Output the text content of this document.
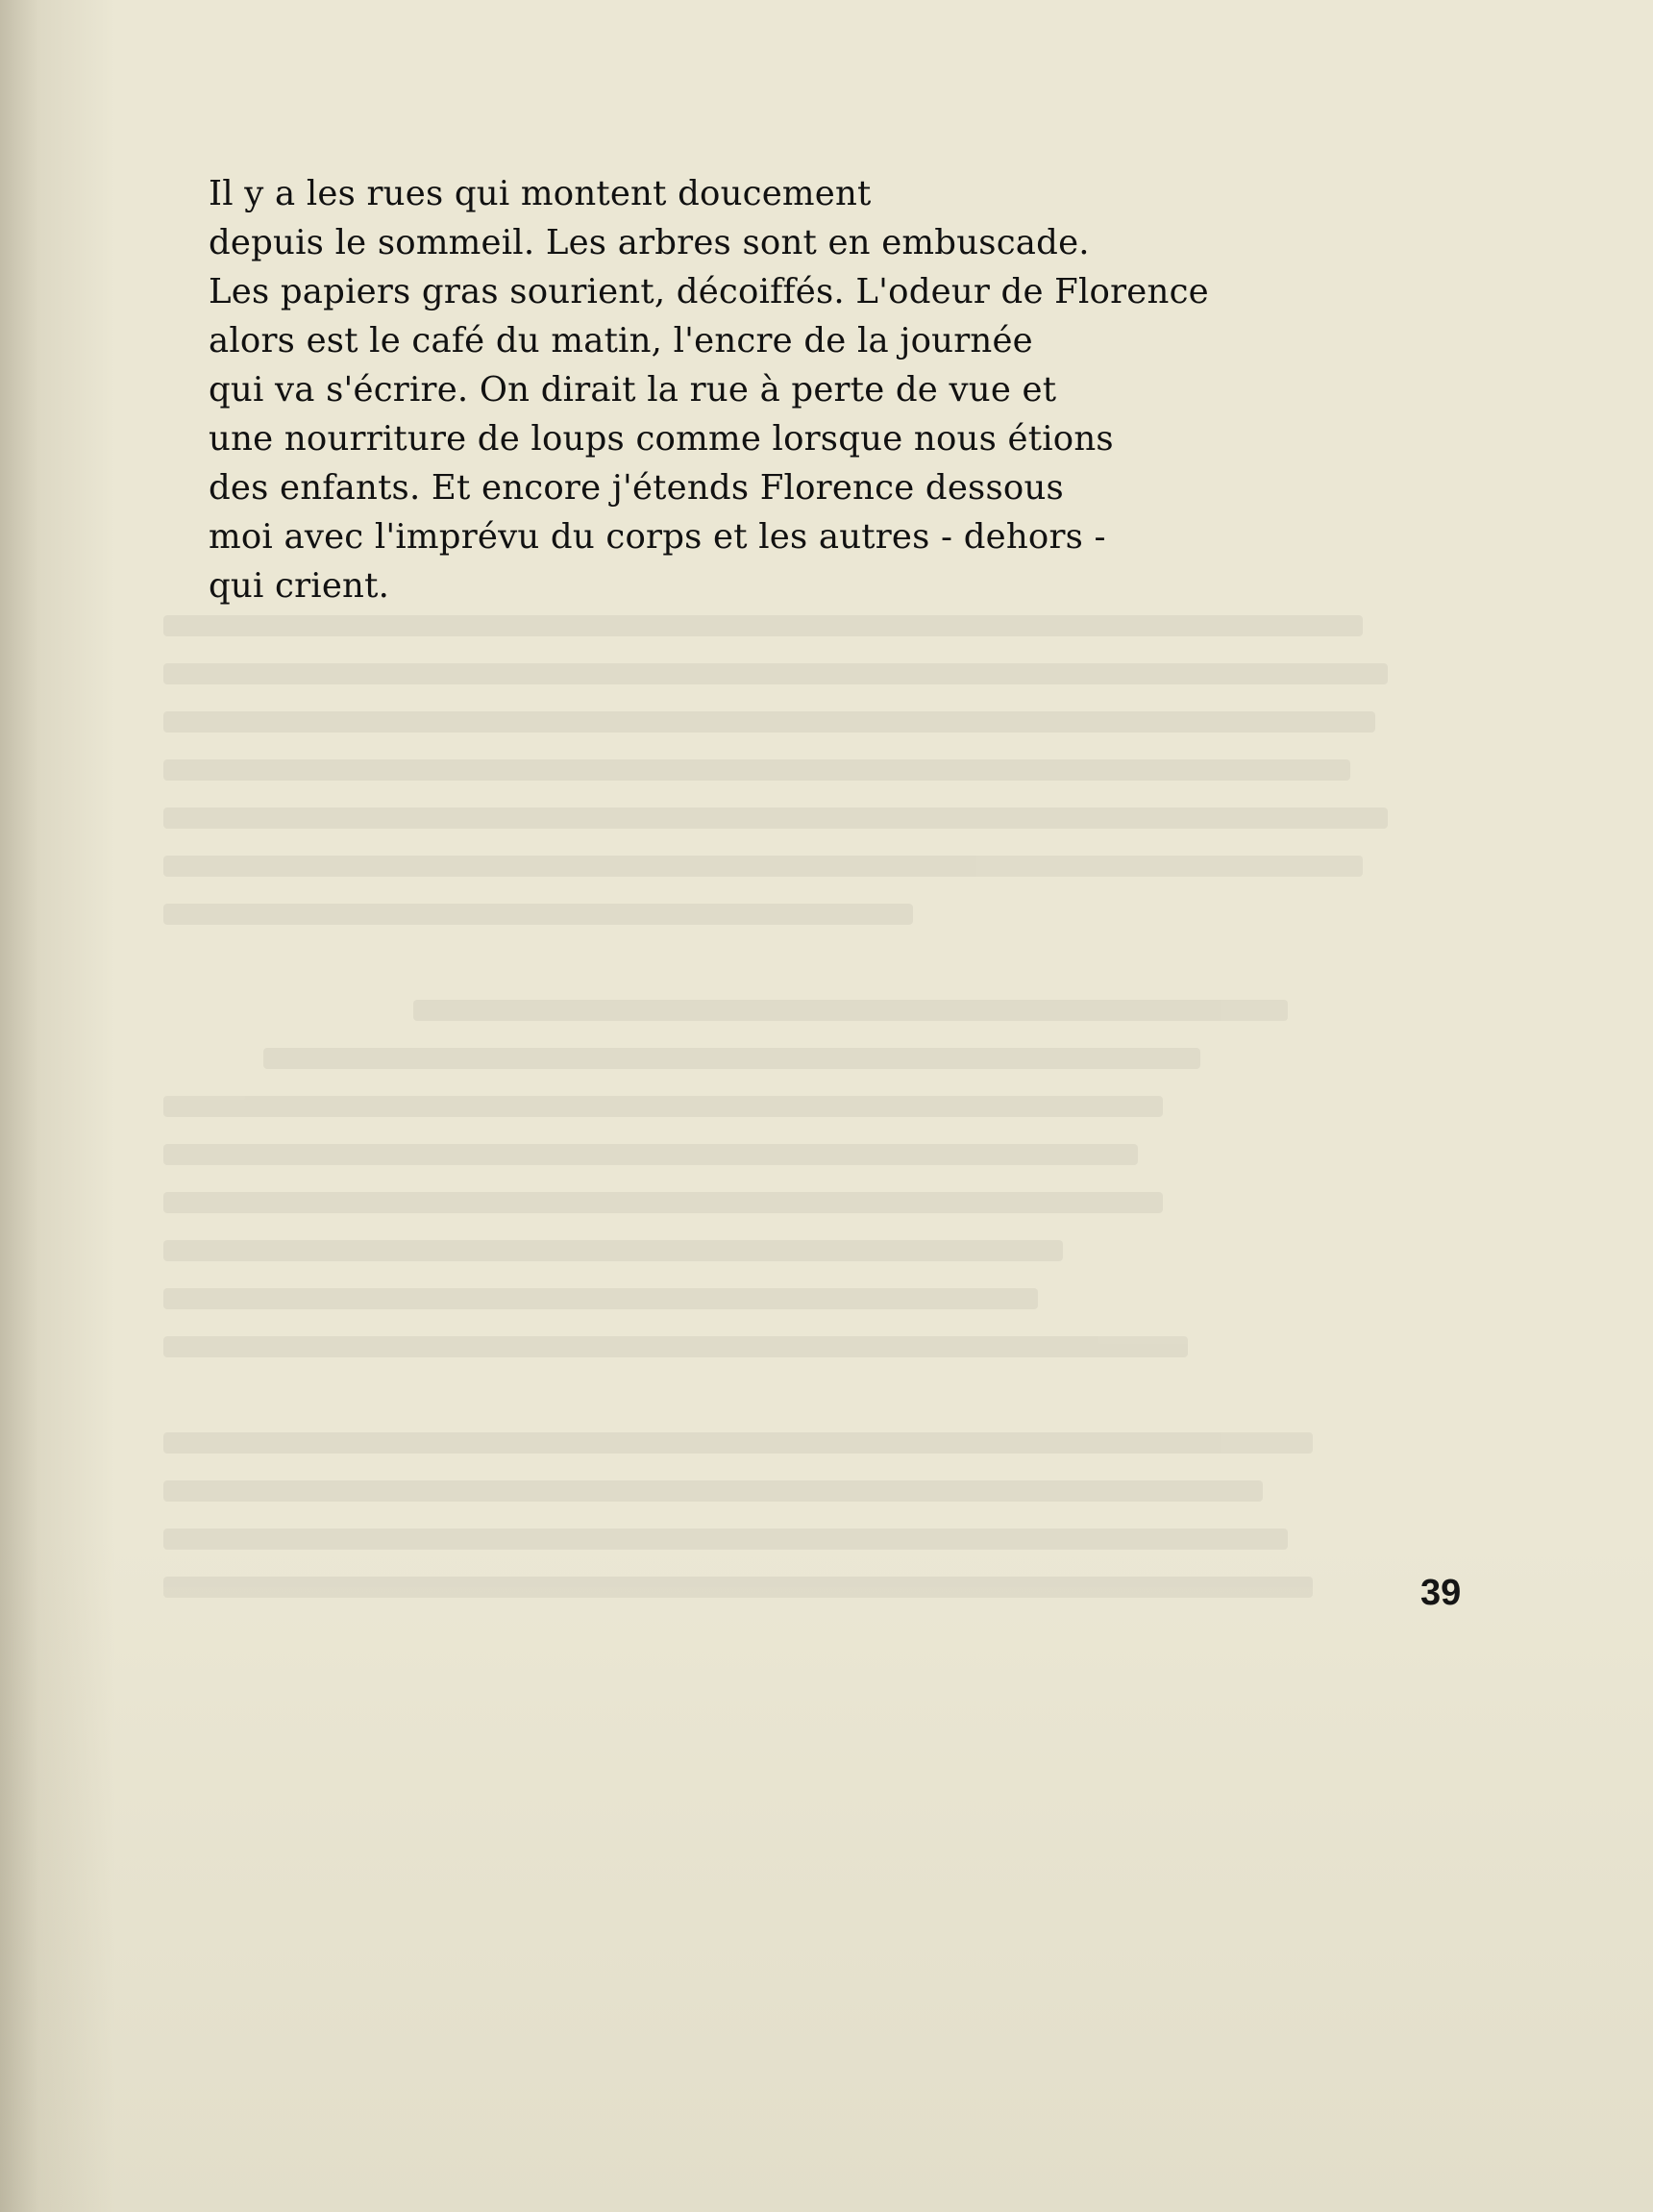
Il y a les rues qui montent doucement
depuis le sommeil. Les arbres sont en embuscade.
Les papiers gras sourient, décoiffés. L'odeur de Florence
alors est le café du matin, l'encre de la journée
qui va s'écrire. On dirait la rue à perte de vue et
une nourriture de loups comme lorsque nous étions
des enfants. Et encore j'étends Florence dessous
moi avec l'imprévu du corps et les autres - dehors -
qui crient.
39
